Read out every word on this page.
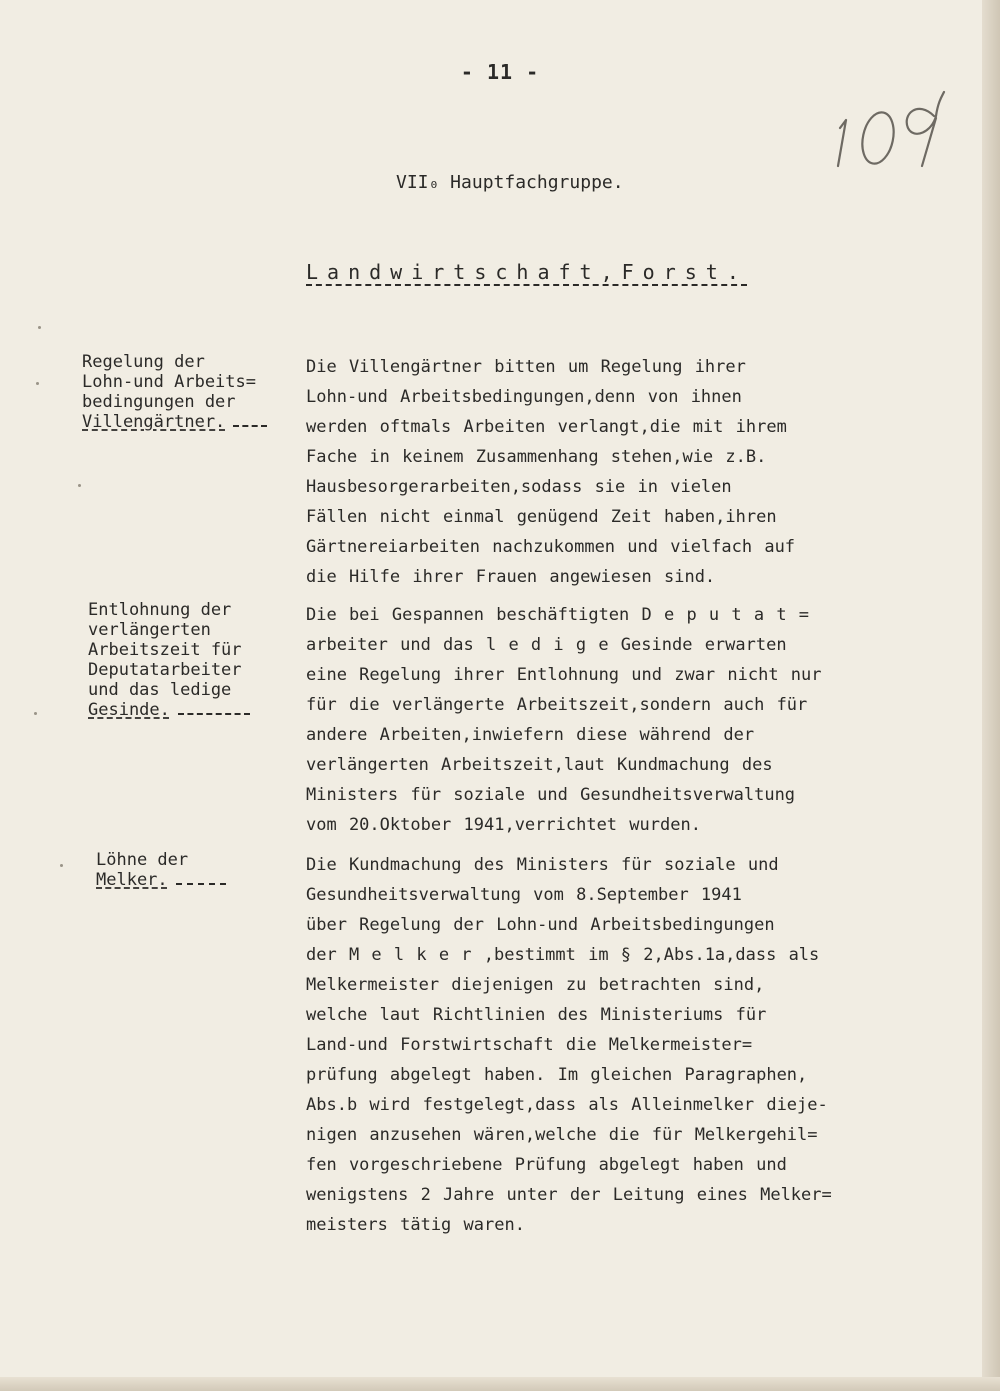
- 11 -
VII₀ Hauptfachgruppe.
Landwirtschaft,Forst.
Regelung der
Lohn-und Arbeits=
bedingungen der
Villengärtner.
Die Villengärtner bitten um Regelung ihrer
Lohn-und Arbeitsbedingungen,denn von ihnen
werden oftmals Arbeiten verlangt,die mit ihrem
Fache in keinem Zusammenhang stehen,wie z.B.
Hausbesorgerarbeiten,sodass sie in vielen
Fällen nicht einmal genügend Zeit haben,ihren
Gärtnereiarbeiten nachzukommen und vielfach auf
die Hilfe ihrer Frauen angewiesen sind.
Entlohnung der
verlängerten
Arbeitszeit für
Deputatarbeiter
und das ledige
Gesinde.
Die bei Gespannen beschäftigten D e p u t a t =
arbeiter und das l e d i g e Gesinde erwarten
eine Regelung ihrer Entlohnung und zwar nicht nur
für die verlängerte Arbeitszeit,sondern auch für
andere Arbeiten,inwiefern diese während der
verlängerten Arbeitszeit,laut Kundmachung des
Ministers für soziale und Gesundheitsverwaltung
vom 20.Oktober 1941,verrichtet wurden.
Löhne der
Melker.
Die Kundmachung des Ministers für soziale und
Gesundheitsverwaltung vom 8.September 1941
über Regelung der Lohn-und Arbeitsbedingungen
der M e l k e r ,bestimmt im § 2,Abs.1a,dass als
Melkermeister diejenigen zu betrachten sind,
welche laut Richtlinien des Ministeriums für
Land-und Forstwirtschaft die Melkermeister=
prüfung abgelegt haben. Im gleichen Paragraphen,
Abs.b wird festgelegt,dass als Alleinmelker dieje-
nigen anzusehen wären,welche die für Melkergehil=
fen vorgeschriebene Prüfung abgelegt haben und
wenigstens 2 Jahre unter der Leitung eines Melker=
meisters tätig waren.
